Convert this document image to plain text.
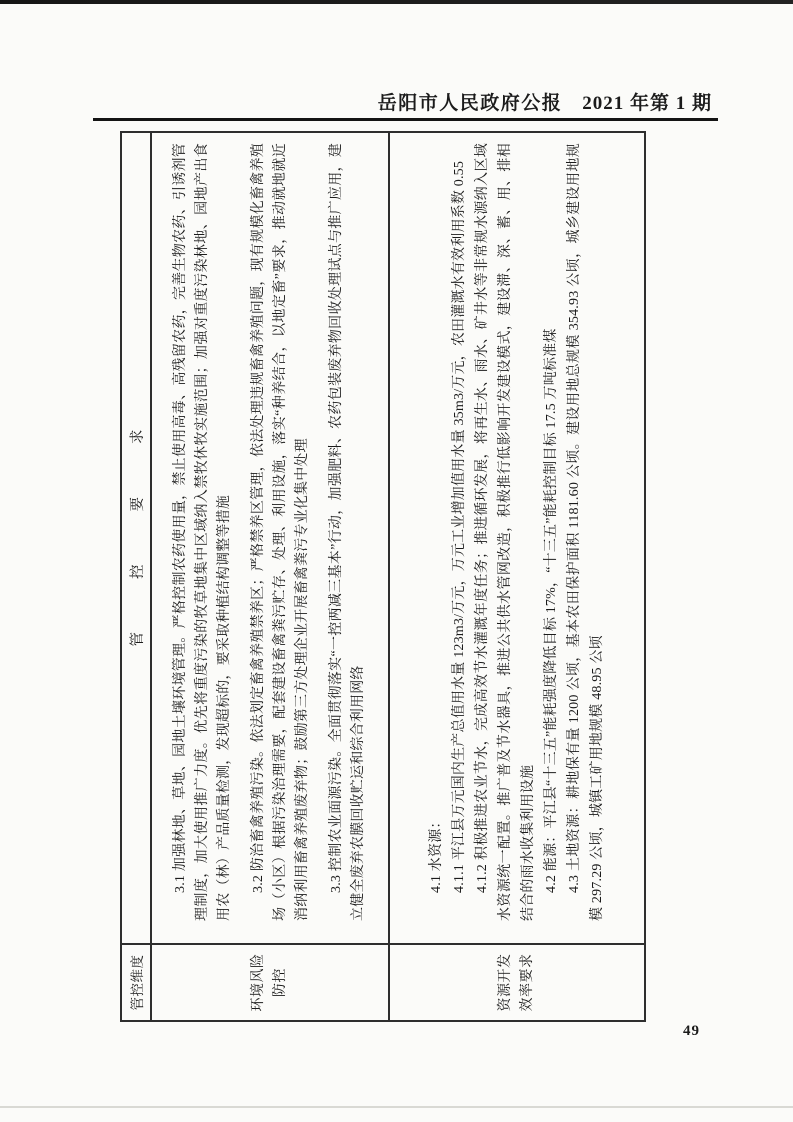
岳阳市人民政府公报 2021 年第 1 期
管控维度
管
控
要
求
环境风险 防控

3.1 加强林地、草地、园地土壤环境管理。严格控制农药使用量，禁止使用高毒、高残留农药，完善生物农药、引诱剂管理制度，加大使用推广力度。优先将重度污染的牧草地集中区域纳入禁牧休牧实施范围；加强对重度污染林地、园地产出食用农（林）产品质量检测，发现超标的，要采取种植结构调整等措施 3.2 防治畜禽养殖污染。依法划定畜禽养殖禁养区；严格禁养区管理，依法处理违规畜禽养殖问题，现有规模化畜禽养殖场（小区）根据污染治理需要，配套建设畜禽粪污贮存、处理、利用设施，落实“种养结合，以地定畜”要求，推动就地就近消纳利用畜禽养殖废弃物；鼓励第三方处理企业开展畜禽粪污专业化集中处理 3.3 控制农业面源污染。全面贯彻落实“一控两减三基本”行动，加强肥料、农药包装废弃物回收处理试点与推广应用，建立健全废弃农膜回收贮运和综合利用网络

资源开发 效率要求

4.1 水资源： 4.1.1 平江县万元国内生产总值用水量 123m3/万元，万元工业增加值用水量 35m3/万元，农田灌溉水有效利用系数 0.55 4.1.2 积极推进农业节水，完成高效节水灌溉年度任务；推进循环发展，将再生水、雨水、矿井水等非常规水源纳入区域水资源统一配置。推广普及节水器具，推进公共供水管网改造，积极推行低影响开发建设模式，建设滞、深、蓄、用、排相结合的雨水收集利用设施 4.2 能源：平江县“十三五”能耗强度降低目标 17%，“十三五”能耗控制目标 17.5 万吨标准煤 4.3 土地资源：耕地保有量 1200 公顷，基本农田保护面积 1181.60 公顷。建设用地总规模 354.93 公顷，城乡建设用地规模 297.29 公顷，城镇工矿用地规模 48.95 公顷

49
